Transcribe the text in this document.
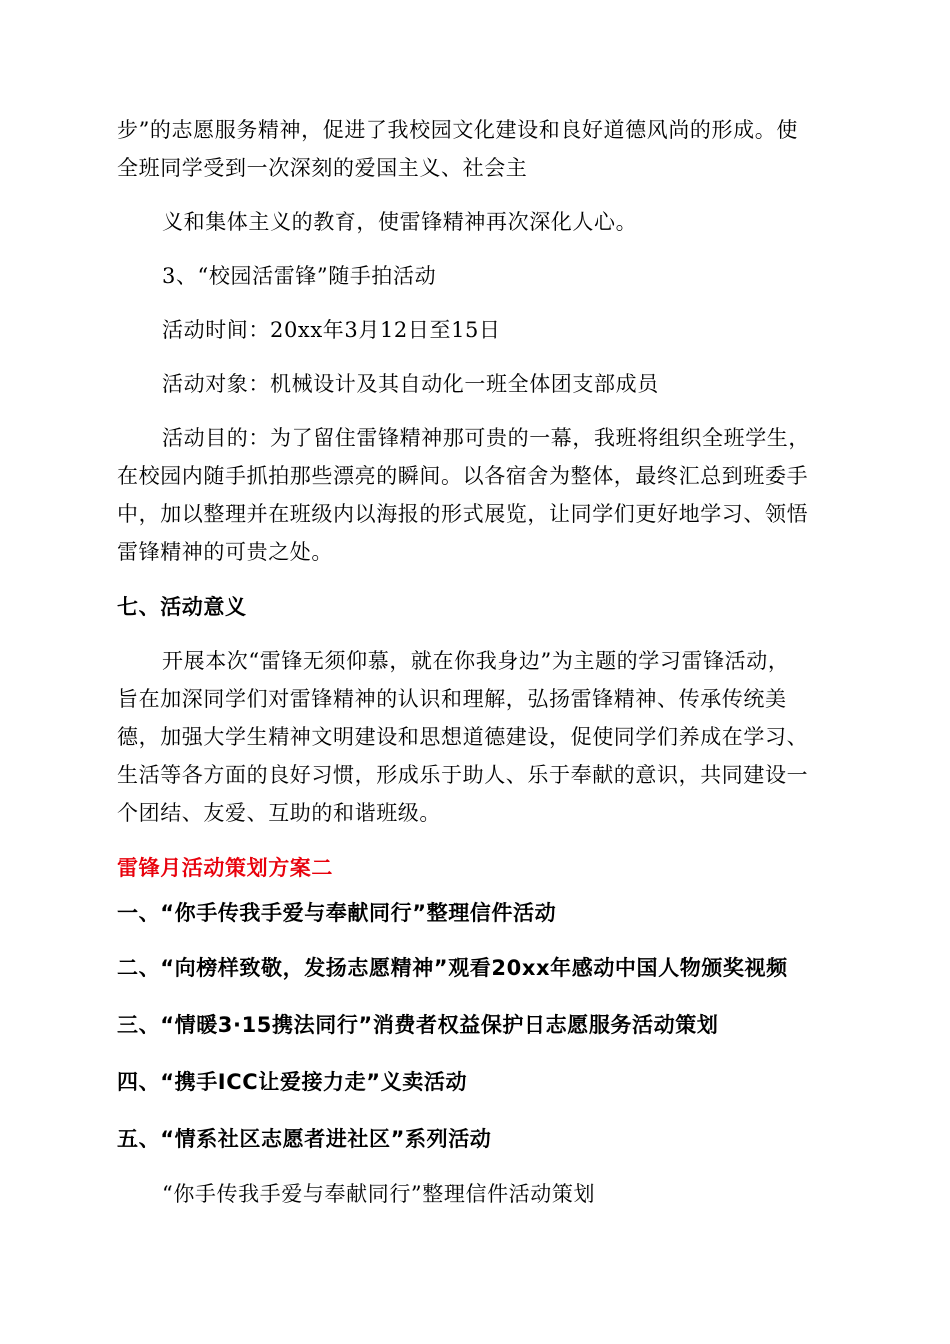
步”的志愿服务精神，促进了我校园文化建设和良好道德风尚的形成。使
全班同学受到一次深刻的爱国主义、社会主
义和集体主义的教育，使雷锋精神再次深化人心。
3、“校园活雷锋”随手拍活动
活动时间：20xx年3月12日至15日
活动对象：机械设计及其自动化一班全体团支部成员
活动目的：为了留住雷锋精神那可贵的一幕，我班将组织全班学生，
在校园内随手抓拍那些漂亮的瞬间。以各宿舍为整体，最终汇总到班委手
中，加以整理并在班级内以海报的形式展览，让同学们更好地学习、领悟
雷锋精神的可贵之处。
七、活动意义
开展本次“雷锋无须仰慕，就在你我身边”为主题的学习雷锋活动，
旨在加深同学们对雷锋精神的认识和理解，弘扬雷锋精神、传承传统美
德，加强大学生精神文明建设和思想道德建设，促使同学们养成在学习、
生活等各方面的良好习惯，形成乐于助人、乐于奉献的意识，共同建设一
个团结、友爱、互助的和谐班级。
雷锋月活动策划方案二
一、“你手传我手爱与奉献同行”整理信件活动
二、“向榜样致敬，发扬志愿精神”观看20xx年感动中国人物颁奖视频
三、“情暖3·15携法同行”消费者权益保护日志愿服务活动策划
四、“携手ICC让爱接力走”义卖活动
五、“情系社区志愿者进社区”系列活动
“你手传我手爱与奉献同行”整理信件活动策划
